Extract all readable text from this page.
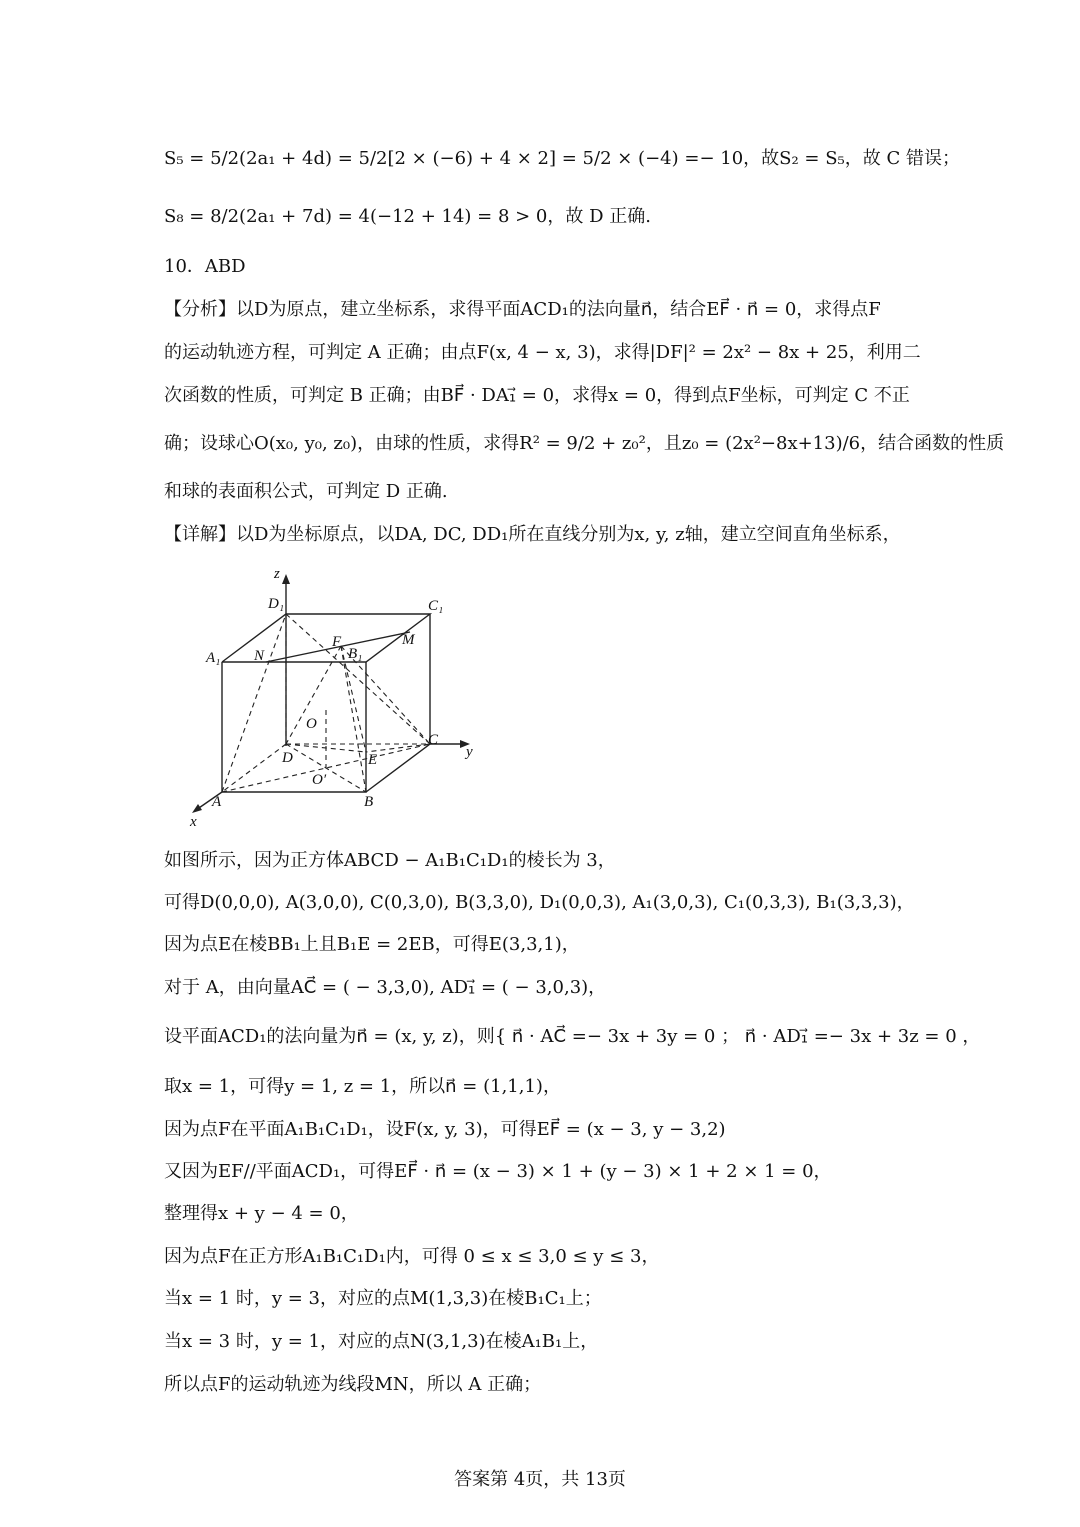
S₅ = 5/2(2a₁ + 4d) = 5/2[2 × (−6) + 4 × 2] = 5/2 × (−4) =− 10，故S₂ = S₅，故 C 错误；
S₈ = 8/2(2a₁ + 7d) = 4(−12 + 14) = 8 > 0，故 D 正确.
10．ABD
【分析】以D为原点，建立坐标系，求得平面ACD₁的法向量n⃗，结合EF⃗ · n⃗ = 0，求得点F
的运动轨迹方程，可判定 A 正确；由点F(x, 4 − x, 3)，求得|DF|² = 2x² − 8x + 25，利用二
次函数的性质，可判定 B 正确；由BF⃗ · DA₁⃗ = 0，求得x = 0，得到点F坐标，可判定 C 不正
确；设球心O(x₀, y₀, z₀)，由球的性质，求得R² = 9/2 + z₀²，且z₀ = (2x²−8x+13)/6，结合函数的性质
和球的表面积公式，可判定 D 正确.
【详解】以D为坐标原点，以DA, DC, DD₁所在直线分别为x, y, z轴，建立空间直角坐标系，
z
y
x
D₁	C₁
A₁	B₁
N
F	M
O
O′
D
C
E
A	B
如图所示，因为正方体ABCD − A₁B₁C₁D₁的棱长为 3，
可得D(0,0,0), A(3,0,0), C(0,3,0), B(3,3,0), D₁(0,0,3), A₁(3,0,3), C₁(0,3,3), B₁(3,3,3)，
因为点E在棱BB₁上且B₁E = 2EB，可得E(3,3,1)，
对于 A，由向量AC⃗ = ( − 3,3,0), AD₁⃗ = ( − 3,0,3)，
设平面ACD₁的法向量为n⃗ = (x, y, z)，则{ n⃗ · AC⃗ =− 3x + 3y = 0 ； n⃗ · AD₁⃗ =− 3x + 3z = 0 ，
取x = 1，可得y = 1, z = 1，所以n⃗ = (1,1,1)，
因为点F在平面A₁B₁C₁D₁，设F(x, y, 3)，可得EF⃗ = (x − 3, y − 3,2)
又因为EF//平面ACD₁，可得EF⃗ · n⃗ = (x − 3) × 1 + (y − 3) × 1 + 2 × 1 = 0，
整理得x + y − 4 = 0，
因为点F在正方形A₁B₁C₁D₁内，可得 0 ≤ x ≤ 3,0 ≤ y ≤ 3，
当x = 1 时，y = 3，对应的点M(1,3,3)在棱B₁C₁上；
当x = 3 时，y = 1，对应的点N(3,1,3)在棱A₁B₁上，
所以点F的运动轨迹为线段MN，所以 A 正确；
答案第 4页，共 13页
